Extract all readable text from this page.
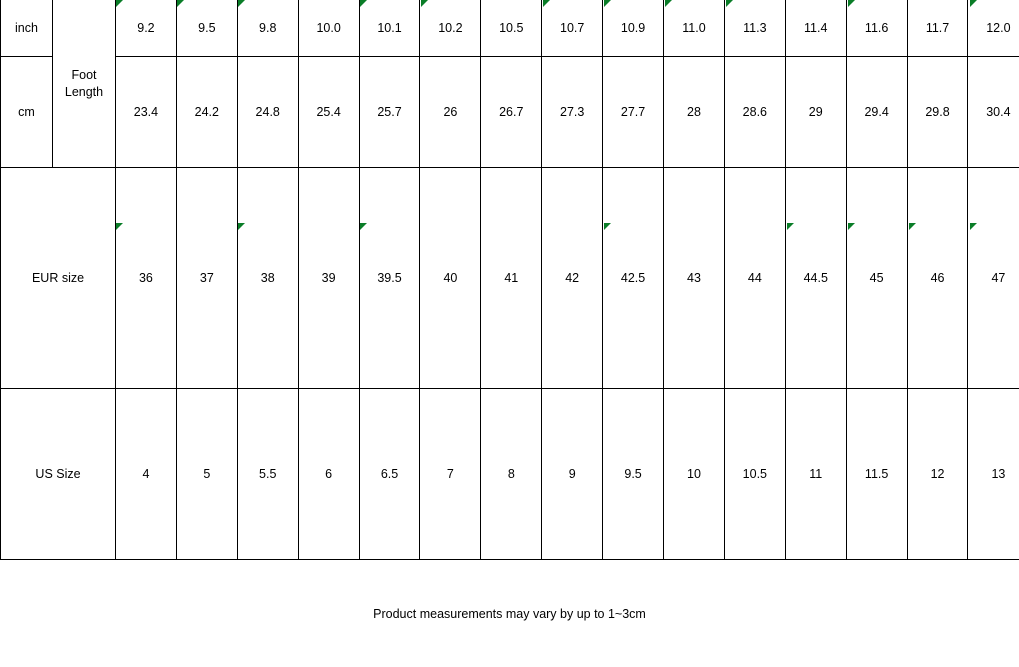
inch	Foot Length	9.2	9.5	9.8	10.0	10.1	10.2	10.5	10.7	10.9	11.0	11.3	11.4	11.6	11.7	12.0
cm		23.4	24.2	24.8	25.4	25.7	26	26.7	27.3	27.7	28	28.6	29	29.4	29.8	30.4
EUR size		36	37	38	39	39.5	40	41	42	42.5	43	44	44.5	45	46	47
US Size		4	5	5.5	6	6.5	7	8	9	9.5	10	10.5	11	11.5	12	13
Product measurements may vary by up to 1~3cm
